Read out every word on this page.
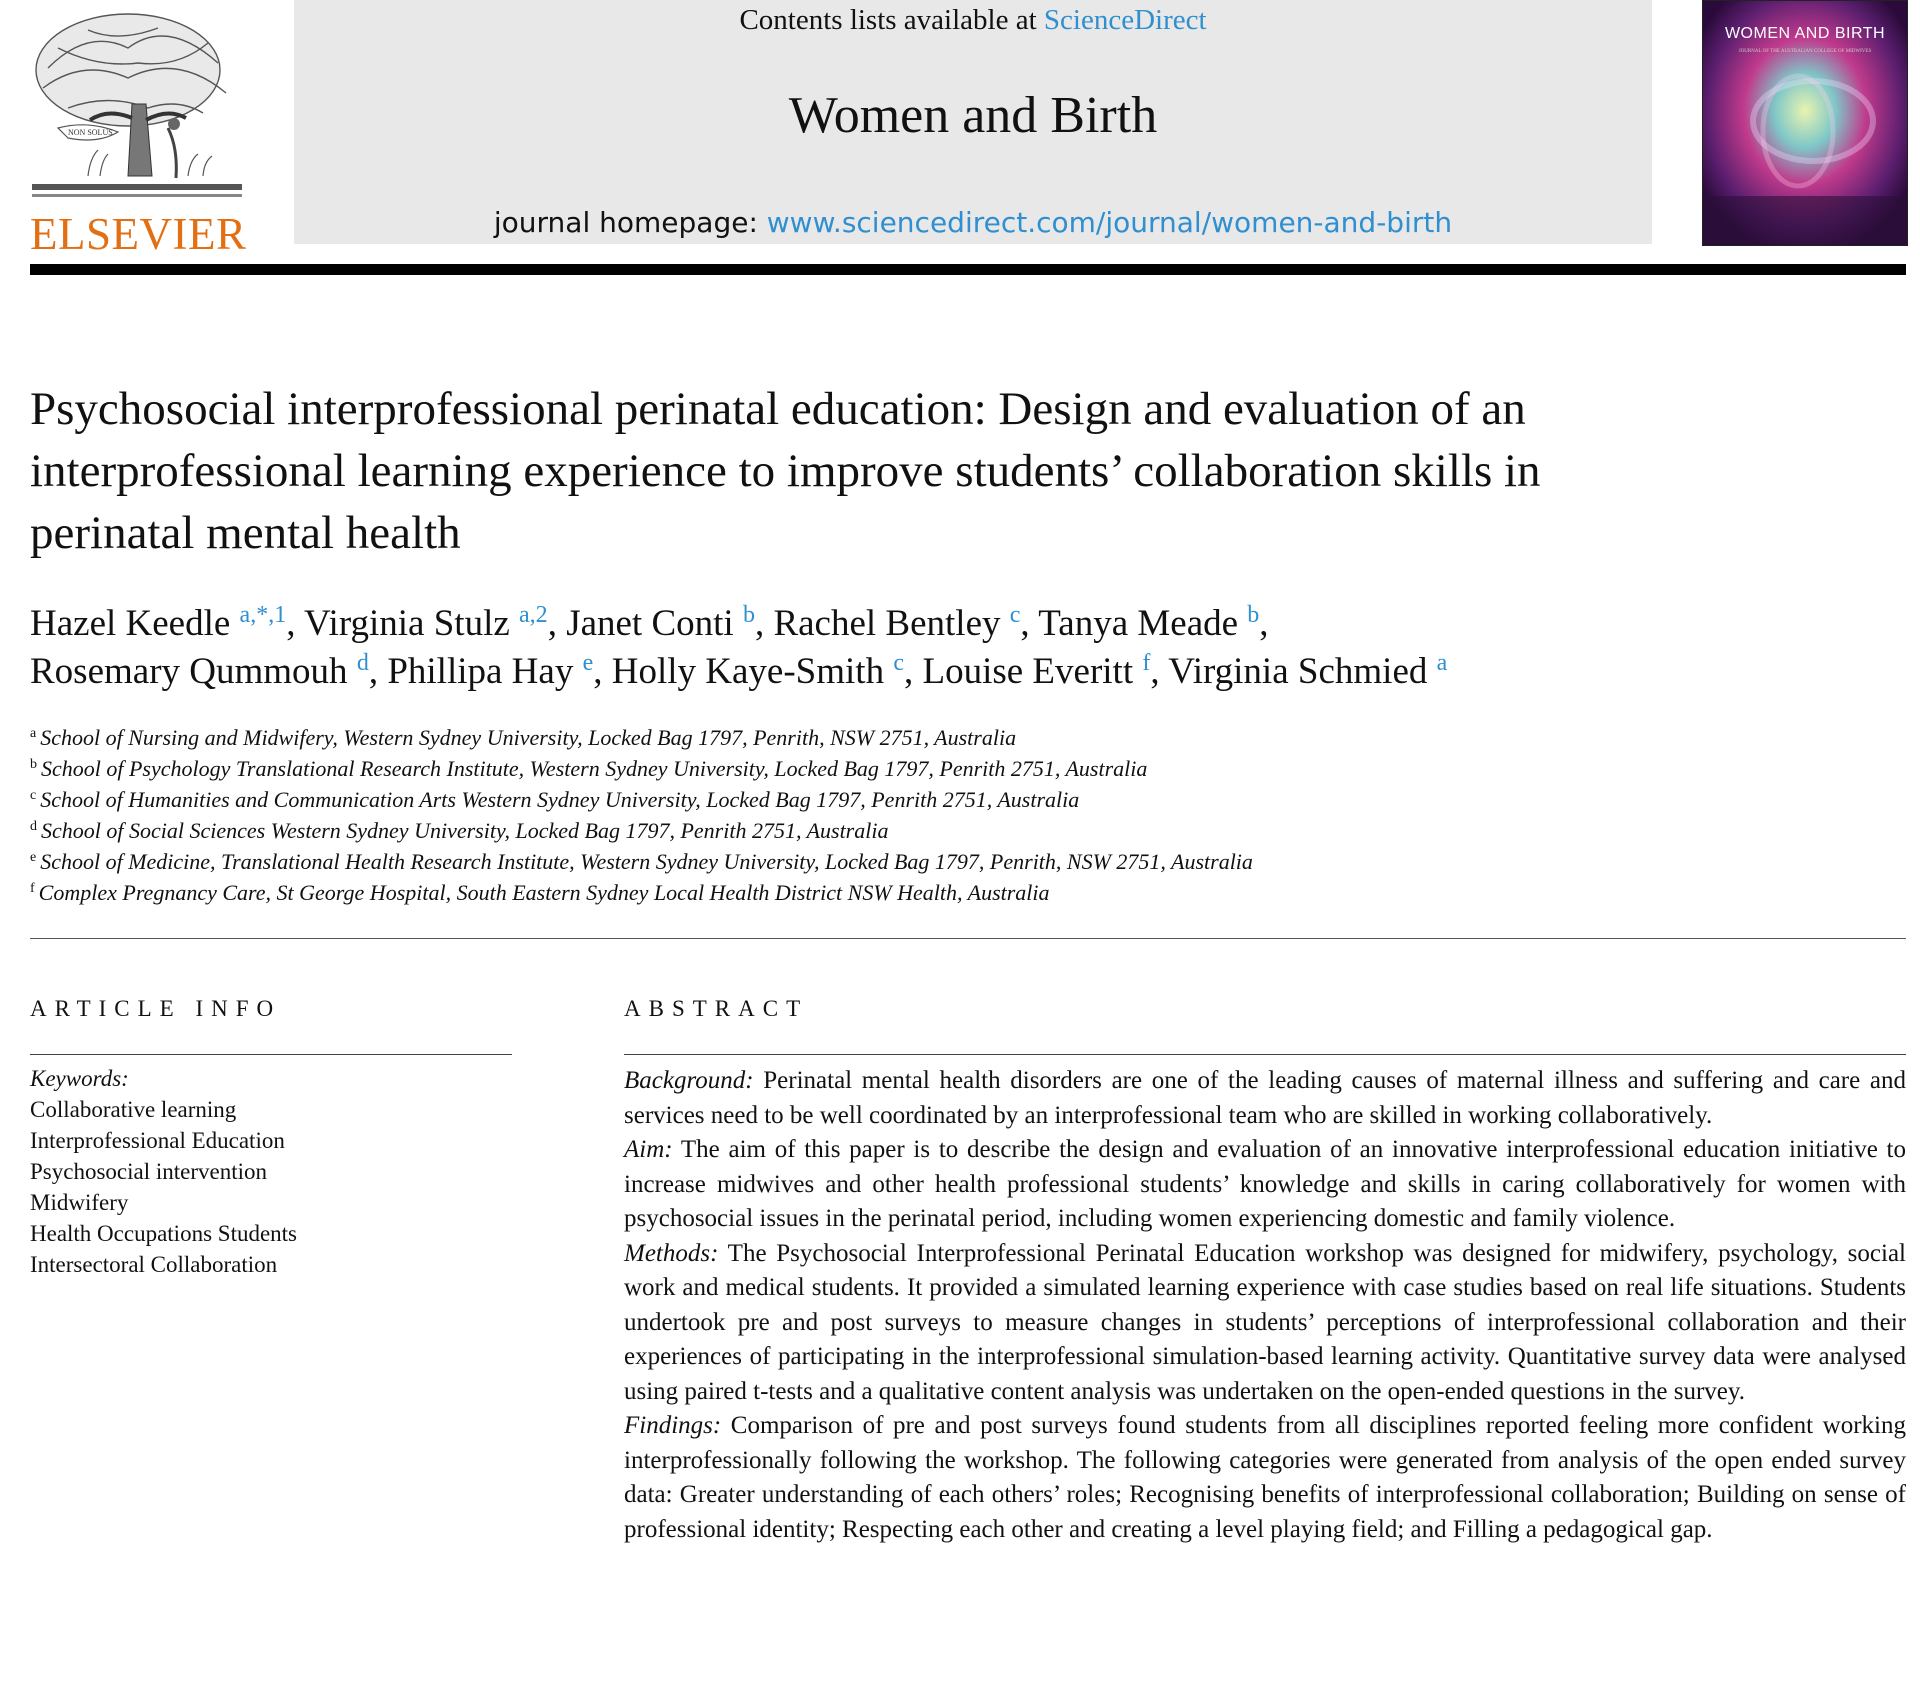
NON SOLUS
ELSEVIER
Contents lists available at ScienceDirect
Women and Birth
journal homepage: www.sciencedirect.com/journal/women-and-birth
WOMEN AND BIRTH
JOURNAL OF THE AUSTRALIAN COLLEGE OF MIDWIVES
Psychosocial interprofessional perinatal education: Design and evaluation of an interprofessional learning experience to improve students’ collaboration skills in perinatal mental health
Hazel Keedle $^{a,*,1}$, Virginia Stulz $^{a,2}$, Janet Conti $^b$, Rachel Bentley $^c$, Tanya Meade $^b$,
Rosemary Qummouh $^d$, Phillipa Hay $^e$, Holly Kaye-Smith $^c$, Louise Everitt $^f$, Virginia Schmied $^a$
$^a$ School of Nursing and Midwifery, Western Sydney University, Locked Bag 1797, Penrith, NSW 2751, Australia
$^b$ School of Psychology Translational Research Institute, Western Sydney University, Locked Bag 1797, Penrith 2751, Australia
$^c$ School of Humanities and Communication Arts Western Sydney University, Locked Bag 1797, Penrith 2751, Australia
$^d$ School of Social Sciences Western Sydney University, Locked Bag 1797, Penrith 2751, Australia
$^e$ School of Medicine, Translational Health Research Institute, Western Sydney University, Locked Bag 1797, Penrith, NSW 2751, Australia
$^f$ Complex Pregnancy Care, St George Hospital, South Eastern Sydney Local Health District NSW Health, Australia
ARTICLE INFO
Keywords:
Collaborative learning
Interprofessional Education
Psychosocial intervention
Midwifery
Health Occupations Students
Intersectoral Collaboration
ABSTRACT

Background: Perinatal mental health disorders are one of the leading causes of maternal illness and suffering and care and services need to be well coordinated by an interprofessional team who are skilled in working collaboratively.

Aim: The aim of this paper is to describe the design and evaluation of an innovative interprofessional education initiative to increase midwives and other health professional students’ knowledge and skills in caring collaboratively for women with psychosocial issues in the perinatal period, including women experiencing domestic and family violence.

Methods: The Psychosocial Interprofessional Perinatal Education workshop was designed for midwifery, psychology, social work and medical students. It provided a simulated learning experience with case studies based on real life situations. Students undertook pre and post surveys to measure changes in students’ perceptions of interprofessional collaboration and their experiences of participating in the interprofessional simulation-based learning activity. Quantitative survey data were analysed using paired t-tests and a qualitative content analysis was undertaken on the open-ended questions in the survey.

Findings: Comparison of pre and post surveys found students from all disciplines reported feeling more confident working interprofessionally following the workshop. The following categories were generated from analysis of the open ended survey data: Greater understanding of each others’ roles; Recognising benefits of interprofessional collaboration; Building on sense of professional identity; Respecting each other and creating a level playing field; and Filling a pedagogical gap.
